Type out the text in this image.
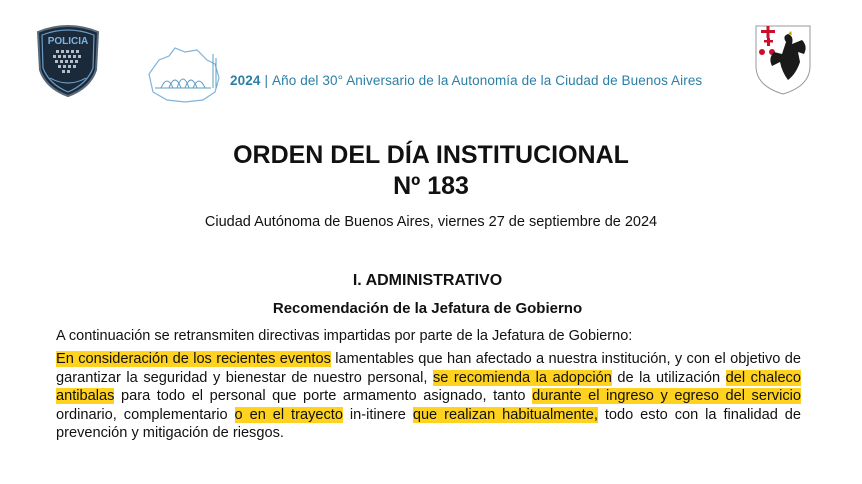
POLICIA
2024 | Año del 30° Aniversario de la Autonomía de la Ciudad de Buenos Aires
ORDEN DEL DÍA INSTITUCIONAL
Nº 183
Ciudad Autónoma de Buenos Aires, viernes 27 de septiembre de 2024
I. ADMINISTRATIVO
Recomendación de la Jefatura de Gobierno
A continuación se retransmiten directivas impartidas por parte de la Jefatura de Gobierno:
En consideración de los recientes eventos lamentables que han afectado a nuestra institución, y con el objetivo de garantizar la seguridad y bienestar de nuestro personal, se recomienda la adopción de la utilización del chaleco antibalas para todo el personal que porte armamento asignado, tanto durante el ingreso y egreso del servicio ordinario, complementario o en el trayecto in-itinere que realizan habitualmente, todo esto con la finalidad de prevención y mitigación de riesgos.
